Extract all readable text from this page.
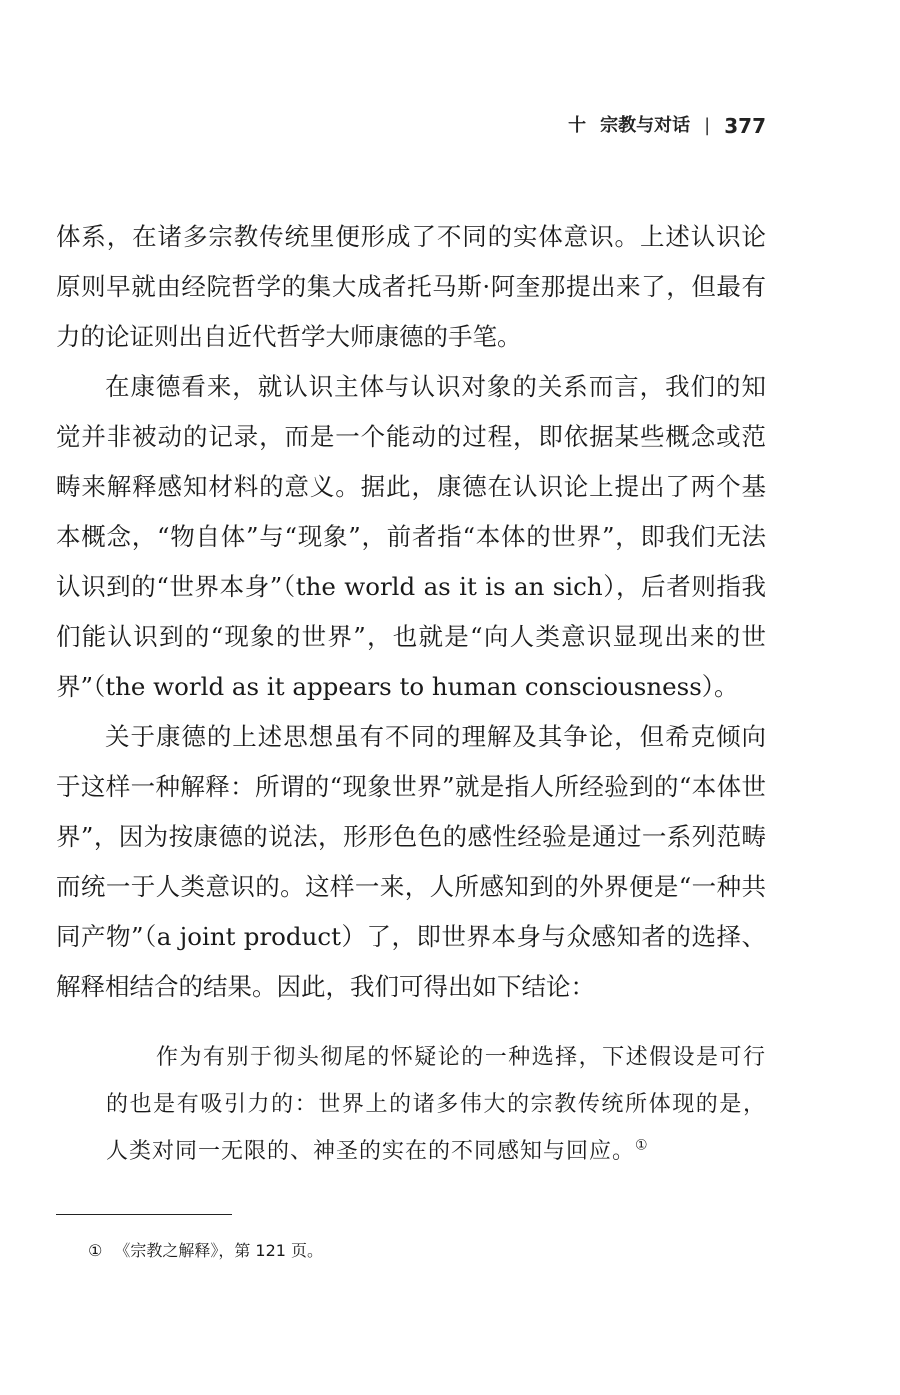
十 宗教与对话 | 377

体系，在诸多宗教传统里便形成了不同的实体意识。上述认识论原则早就由经院哲学的集大成者托马斯·阿奎那提出来了，但最有力的论证则出自近代哲学大师康德的手笔。

在康德看来，就认识主体与认识对象的关系而言，我们的知觉并非被动的记录，而是一个能动的过程，即依据某些概念或范畴来解释感知材料的意义。据此，康德在认识论上提出了两个基本概念，“物自体”与“现象”，前者指“本体的世界”，即我们无法认识到的“世界本身”（the world as it is an sich），后者则指我们能认识到的“现象的世界”，也就是“向人类意识显现出来的世界”（the world as it appears to human consciousness）。

关于康德的上述思想虽有不同的理解及其争论，但希克倾向于这样一种解释：所谓的“现象世界”就是指人所经验到的“本体世界”，因为按康德的说法，形形色色的感性经验是通过一系列范畴而统一于人类意识的。这样一来，人所感知到的外界便是“一种共同产物”（a joint product）了，即世界本身与众感知者的选择、解释相结合的结果。因此，我们可得出如下结论：

作为有别于彻头彻尾的怀疑论的一种选择，下述假设是可行的也是有吸引力的：世界上的诸多伟大的宗教传统所体现的是，人类对同一无限的、神圣的实在的不同感知与回应。①

① 《宗教之解释》，第 121 页。
